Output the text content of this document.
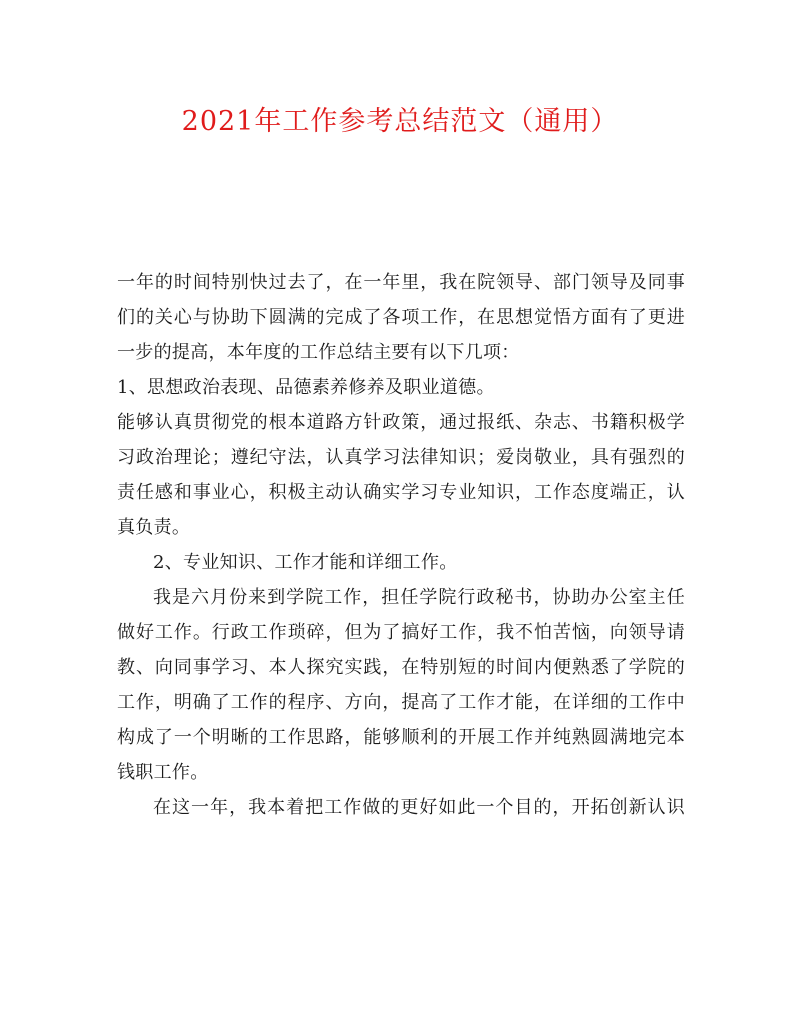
2021年工作参考总结范文（通用）
一年的时间特别快过去了，在一年里，我在院领导、部门领导及同事
们的关心与协助下圆满的完成了各项工作，在思想觉悟方面有了更进
一步的提高，本年度的工作总结主要有以下几项：
1、思想政治表现、品德素养修养及职业道德。
能够认真贯彻党的根本道路方针政策，通过报纸、杂志、书籍积极学
习政治理论；遵纪守法，认真学习法律知识；爱岗敬业，具有强烈的
责任感和事业心，积极主动认确实学习专业知识，工作态度端正，认
真负责。
2、专业知识、工作才能和详细工作。
我是六月份来到学院工作，担任学院行政秘书，协助办公室主任
做好工作。行政工作琐碎，但为了搞好工作，我不怕苦恼，向领导请
教、向同事学习、本人探究实践，在特别短的时间内便熟悉了学院的
工作，明确了工作的程序、方向，提高了工作才能，在详细的工作中
构成了一个明晰的工作思路，能够顺利的开展工作并纯熟圆满地完本
钱职工作。
在这一年，我本着把工作做的更好如此一个目的，开拓创新认识
